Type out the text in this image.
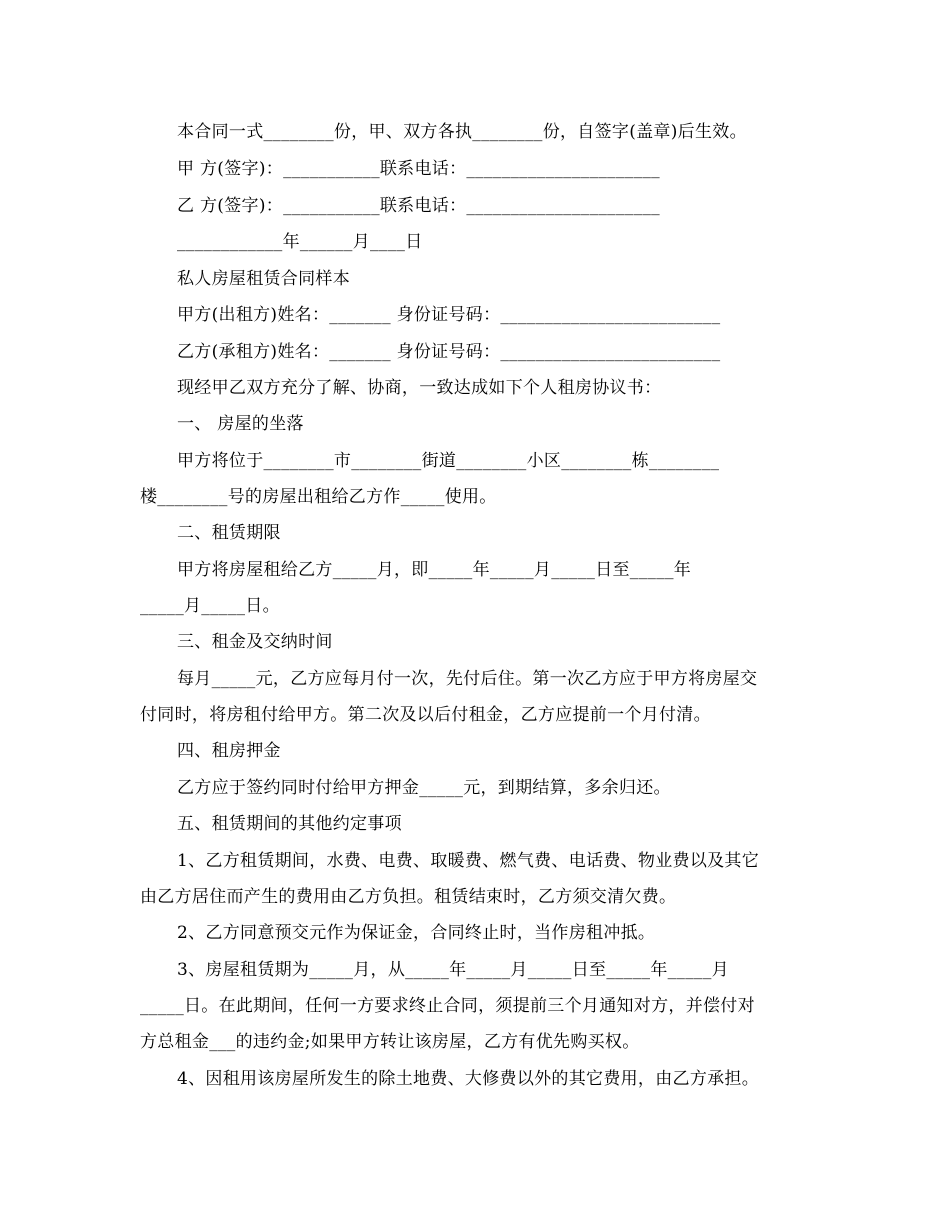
本合同一式________份，甲、双方各执________份，自签字(盖章)后生效。
甲 方(签字)：___________联系电话：______________________
乙 方(签字)：___________联系电话：______________________
____________年______月____日
私人房屋租赁合同样本
甲方(出租方)姓名：_______ 身份证号码：_________________________
乙方(承租方)姓名：_______ 身份证号码：_________________________
现经甲乙双方充分了解、协商，一致达成如下个人租房协议书：
一、 房屋的坐落
甲方将位于________市________街道________小区________栋________
楼________号的房屋出租给乙方作_____使用。
二、租赁期限
甲方将房屋租给乙方_____月，即_____年_____月_____日至_____年
_____月_____日。
三、租金及交纳时间
每月_____元，乙方应每月付一次，先付后住。第一次乙方应于甲方将房屋交
付同时，将房租付给甲方。第二次及以后付租金，乙方应提前一个月付清。
四、租房押金
乙方应于签约同时付给甲方押金_____元，到期结算，多余归还。
五、租赁期间的其他约定事项
1、乙方租赁期间，水费、电费、取暖费、燃气费、电话费、物业费以及其它
由乙方居住而产生的费用由乙方负担。租赁结束时，乙方须交清欠费。
2、乙方同意预交元作为保证金，合同终止时，当作房租冲抵。
3、房屋租赁期为_____月，从_____年_____月_____日至_____年_____月
_____日。在此期间，任何一方要求终止合同，须提前三个月通知对方，并偿付对
方总租金___的违约金;如果甲方转让该房屋，乙方有优先购买权。
4、因租用该房屋所发生的除土地费、大修费以外的其它费用，由乙方承担。
